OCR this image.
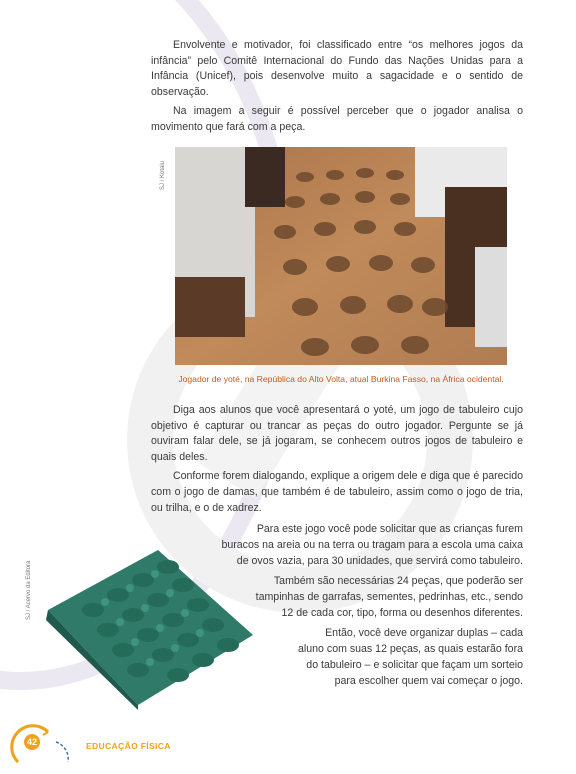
Envolvente e motivador, foi classificado entre “os melhores jogos da infância” pelo Comitê Internacional do Fundo das Nações Unidas para a Infância (Unicef), pois desenvolve muito a sagacidade e o sentido de observação.

Na imagem a seguir é possível perceber que o jogador analisa o movimento que fará com a peça.

SJ / Kotalu
Jogador de yoté, na República do Alto Volta, atual Burkina Fasso, na África ocidental.

Diga aos alunos que você apresentará o yoté, um jogo de tabuleiro cujo objetivo é capturar ou trancar as peças do outro jogador. Pergunte se já ouviram falar dele, se já jogaram, se conhecem outros jogos de tabuleiro e quais deles.

Conforme forem dialogando, explique a origem dele e diga que é parecido com o jogo de damas, que também é de tabuleiro, assim como o jogo de tria, ou trilha, e o de xadrez.

Para este jogo você pode solicitar que as crianças furem
buracos na areia ou na terra ou tragam para a escola uma caixa
de ovos vazia, para 30 unidades, que servirá como tabuleiro.
Também são necessárias 24 peças, que poderão ser
tampinhas de garrafas, sementes, pedrinhas, etc., sendo
12 de cada cor, tipo, forma ou desenhos diferentes.
Então, você deve organizar duplas – cada
aluno com suas 12 peças, as quais estarão fora
do tabuleiro – e solicitar que façam um sorteio
para escolher quem vai começar o jogo.
SJ / Acervo da Editora
42	EDUCAÇÃO FÍSICA
